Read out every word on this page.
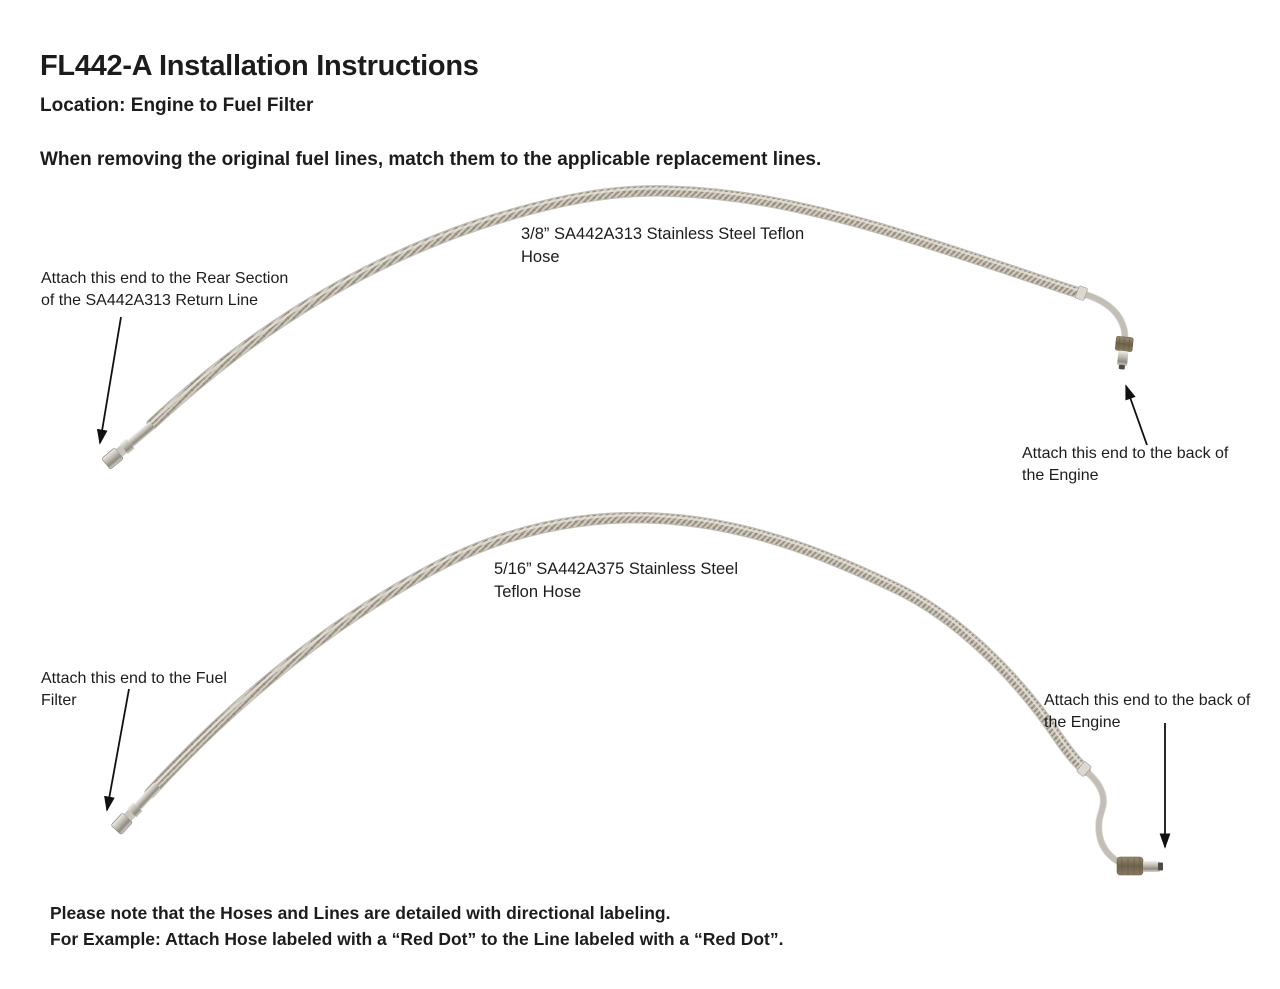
FL442-A Installation Instructions
Location: Engine to Fuel Filter
When removing the original fuel lines, match them to the applicable replacement lines.
3/8” SA442A313 Stainless Steel Teflon
Hose
Attach this end to the Rear Section
of the SA442A313 Return Line
Attach this end to the back of
the Engine
5/16” SA442A375 Stainless Steel
Teflon Hose
Attach this end to the Fuel
Filter	Attach this end to the back of
the Engine
Please note that the Hoses and Lines are detailed with directional labeling.
For Example: Attach Hose labeled with a “Red Dot” to the Line labeled with a “Red Dot”.
